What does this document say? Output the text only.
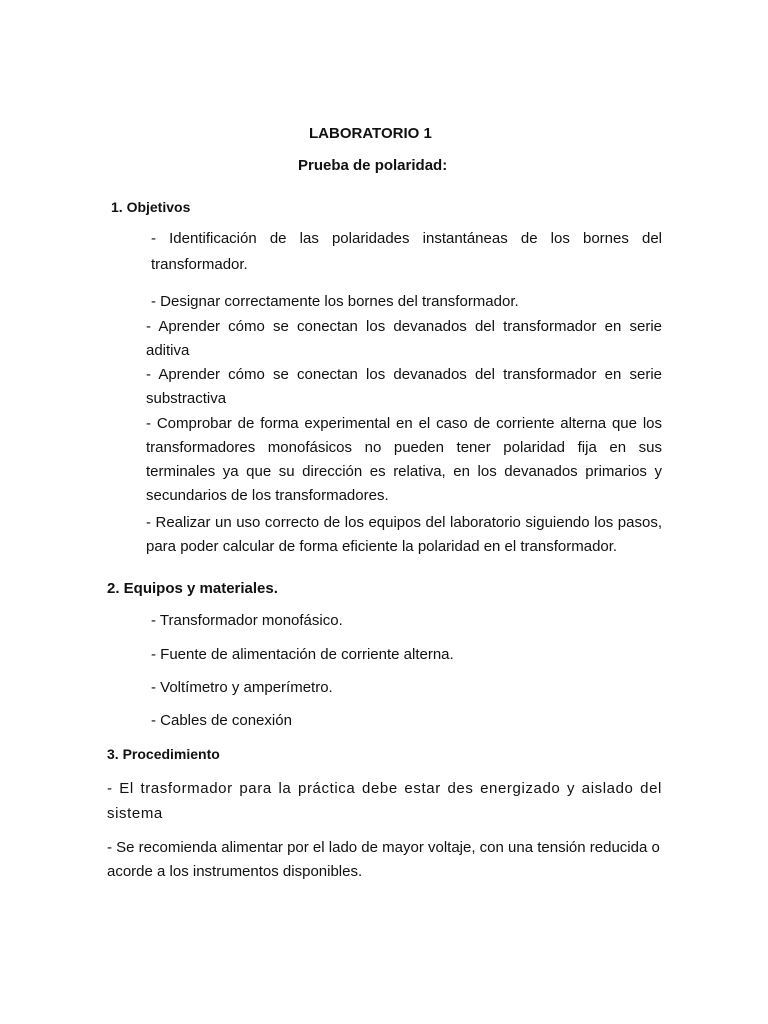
LABORATORIO 1
Prueba de polaridad:
1. Objetivos
- Identificación de las polaridades instantáneas de los bornes del transformador.
- Designar correctamente los bornes del transformador.
- Aprender cómo se conectan los devanados del transformador en serie aditiva
- Aprender cómo se conectan los devanados del transformador en serie substractiva
- Comprobar de forma experimental en el caso de corriente alterna que los transformadores monofásicos no pueden tener polaridad fija en sus terminales ya que su dirección es relativa, en los devanados primarios y secundarios de los transformadores.
- Realizar un uso correcto de los equipos del laboratorio siguiendo los pasos, para poder calcular de forma eficiente la polaridad en el transformador.
2. Equipos y materiales.
- Transformador monofásico.
- Fuente de alimentación de corriente alterna.
- Voltímetro y amperímetro.
- Cables de conexión
3. Procedimiento
- El trasformador para la práctica debe estar des energizado y aislado del sistema
- Se recomienda alimentar por el lado de mayor voltaje, con una tensión reducida o acorde a los instrumentos disponibles.
